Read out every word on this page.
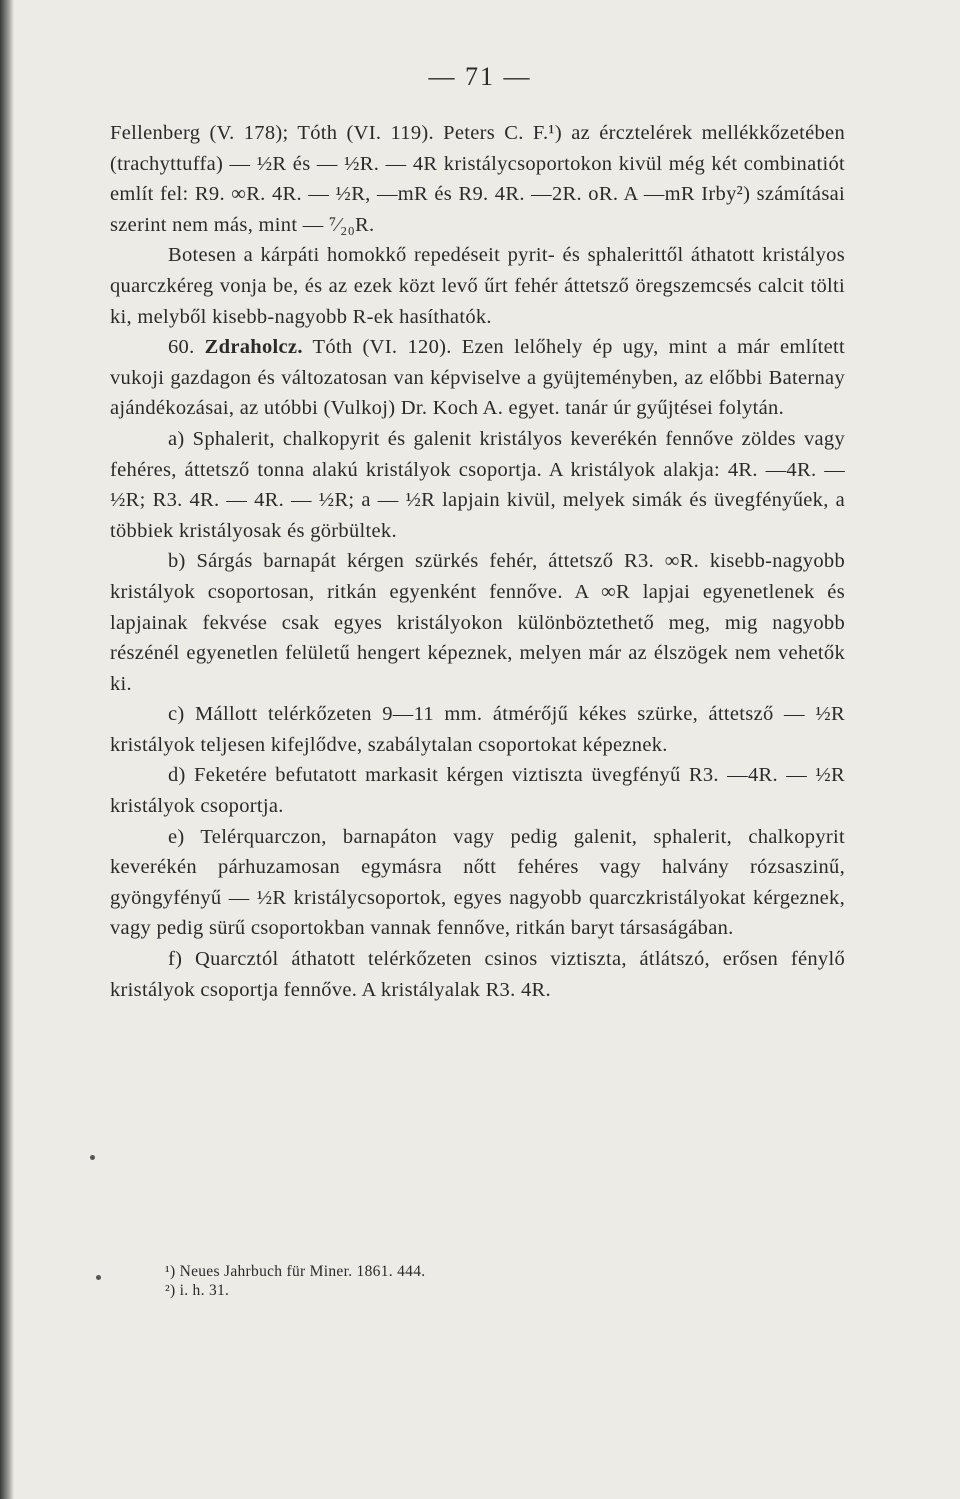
— 71 —

Fellenberg (V. 178); Tóth (VI. 119). Peters C. F.¹) az ércztelérek mellékkőzetében (trachyttuffa) — ½R és — ½R. — 4R kristálycsoportokon kivül még két combinatiót említ fel: R9. ∞R. 4R. — ½R, —mR és R9. 4R. —2R. oR. A —mR Irby²) számításai szerint nem más, mint — ⁷⁄₂₀R.

Botesen a kárpáti homokkő repedéseit pyrit- és sphalerittől áthatott kristályos quarczkéreg vonja be, és az ezek közt levő űrt fehér áttetsző öregszemcsés calcit tölti ki, melyből kisebb-nagyobb R-ek hasíthatók.

60. Zdraholcz. Tóth (VI. 120). Ezen lelőhely ép ugy, mint a már említett vukoji gazdagon és változatosan van képviselve a gyüjteményben, az előbbi Baternay ajándékozásai, az utóbbi (Vulkoj) Dr. Koch A. egyet. tanár úr gyűjtései folytán.

a) Sphalerit, chalkopyrit és galenit kristályos keverékén fennőve zöldes vagy fehéres, áttetsző tonna alakú kristályok csoportja. A kristályok alakja: 4R. —4R. — ½R; R3. 4R. — 4R. — ½R; a — ½R lapjain kivül, melyek simák és üvegfényűek, a többiek kristályosak és görbültek.

b) Sárgás barnapát kérgen szürkés fehér, áttetsző R3. ∞R. kisebb-nagyobb kristályok csoportosan, ritkán egyenként fennőve. A ∞R lapjai egyenetlenek és lapjainak fekvése csak egyes kristályokon különböztethető meg, mig nagyobb részénél egyenetlen felületű hengert képeznek, melyen már az élszögek nem vehetők ki.

c) Mállott telérkőzeten 9—11 mm. átmérőjű kékes szürke, áttetsző — ½R kristályok teljesen kifejlődve, szabálytalan csoportokat képeznek.

d) Feketére befutatott markasit kérgen viztiszta üvegfényű R3. —4R. — ½R kristályok csoportja.

e) Telérquarczon, barnapáton vagy pedig galenit, sphalerit, chalkopyrit keverékén párhuzamosan egymásra nőtt fehéres vagy halvány rózsaszinű, gyöngyfényű — ½R kristálycsoportok, egyes nagyobb quarczkristályokat kérgeznek, vagy pedig sürű csoportokban vannak fennőve, ritkán baryt társaságában.

f) Quarcztól áthatott telérkőzeten csinos viztiszta, átlátszó, erősen fénylő kristályok csoportja fennőve. A kristályalak R3. 4R.

¹) Neues Jahrbuch für Miner. 1861. 444.

²) i. h. 31.
